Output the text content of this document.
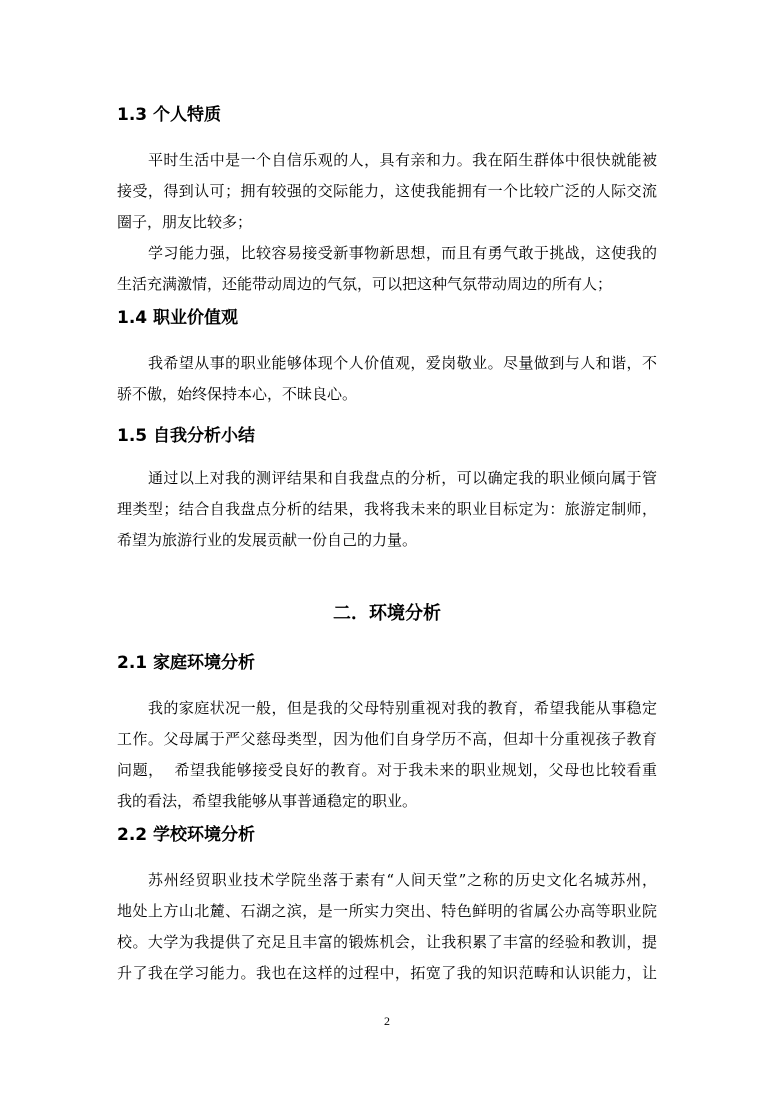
1.3 个人特质

平时生活中是一个自信乐观的人，具有亲和力。我在陌生群体中很快就能被

接受，得到认可；拥有较强的交际能力，这使我能拥有一个比较广泛的人际交流

圈子，朋友比较多；

学习能力强，比较容易接受新事物新思想，而且有勇气敢于挑战，这使我的

生活充满激情，还能带动周边的气氛，可以把这种气氛带动周边的所有人；

1.4 职业价值观

我希望从事的职业能够体现个人价值观，爱岗敬业。尽量做到与人和谐，不

骄不傲，始终保持本心，不昧良心。

1.5 自我分析小结

通过以上对我的测评结果和自我盘点的分析，可以确定我的职业倾向属于管

理类型；结合自我盘点分析的结果，我将我未来的职业目标定为：旅游定制师，

希望为旅游行业的发展贡献一份自己的力量。

二．环境分析
2.1 家庭环境分析

我的家庭状况一般，但是我的父母特别重视对我的教育，希望我能从事稳定

工作。父母属于严父慈母类型，因为他们自身学历不高，但却十分重视孩子教育

问题，  希望我能够接受良好的教育。对于我未来的职业规划，父母也比较看重

我的看法，希望我能够从事普通稳定的职业。

2.2 学校环境分析

苏州经贸职业技术学院坐落于素有“人间天堂”之称的历史文化名城苏州，

地处上方山北麓、石湖之滨，是一所实力突出、特色鲜明的省属公办高等职业院

校。大学为我提供了充足且丰富的锻炼机会，让我积累了丰富的经验和教训，提

升了我在学习能力。我也在这样的过程中，拓宽了我的知识范畴和认识能力，让

2
